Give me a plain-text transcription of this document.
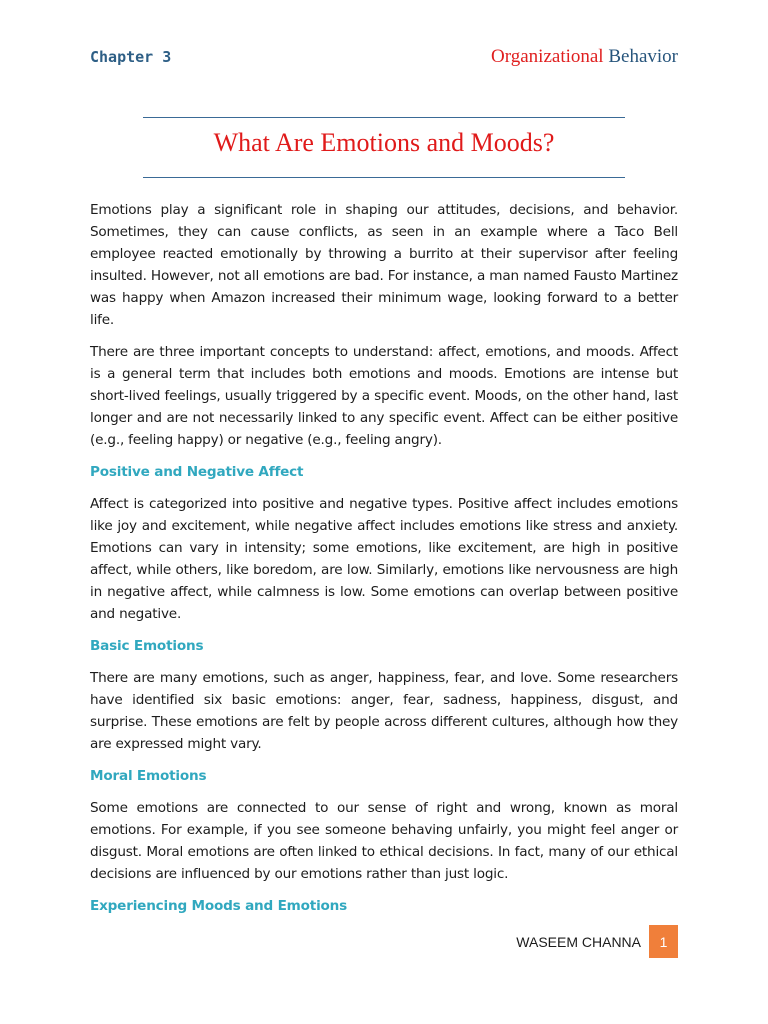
Chapter 3	Organizational Behavior
What Are Emotions and Moods?

Emotions play a significant role in shaping our attitudes, decisions, and behavior. Sometimes, they can cause conflicts, as seen in an example where a Taco Bell employee reacted emotionally by throwing a burrito at their supervisor after feeling insulted. However, not all emotions are bad. For instance, a man named Fausto Martinez was happy when Amazon increased their minimum wage, looking forward to a better life.

There are three important concepts to understand: affect, emotions, and moods. Affect is a general term that includes both emotions and moods. Emotions are intense but short-lived feelings, usually triggered by a specific event. Moods, on the other hand, last longer and are not necessarily linked to any specific event. Affect can be either positive (e.g., feeling happy) or negative (e.g., feeling angry).

Positive and Negative Affect

Affect is categorized into positive and negative types. Positive affect includes emotions like joy and excitement, while negative affect includes emotions like stress and anxiety. Emotions can vary in intensity; some emotions, like excitement, are high in positive affect, while others, like boredom, are low. Similarly, emotions like nervousness are high in negative affect, while calmness is low. Some emotions can overlap between positive and negative.

Basic Emotions

There are many emotions, such as anger, happiness, fear, and love. Some researchers have identified six basic emotions: anger, fear, sadness, happiness, disgust, and surprise. These emotions are felt by people across different cultures, although how they are expressed might vary.

Moral Emotions

Some emotions are connected to our sense of right and wrong, known as moral emotions. For example, if you see someone behaving unfairly, you might feel anger or disgust. Moral emotions are often linked to ethical decisions. In fact, many of our ethical decisions are influenced by our emotions rather than just logic.

Experiencing Moods and Emotions
WASEEM CHANNA	1
